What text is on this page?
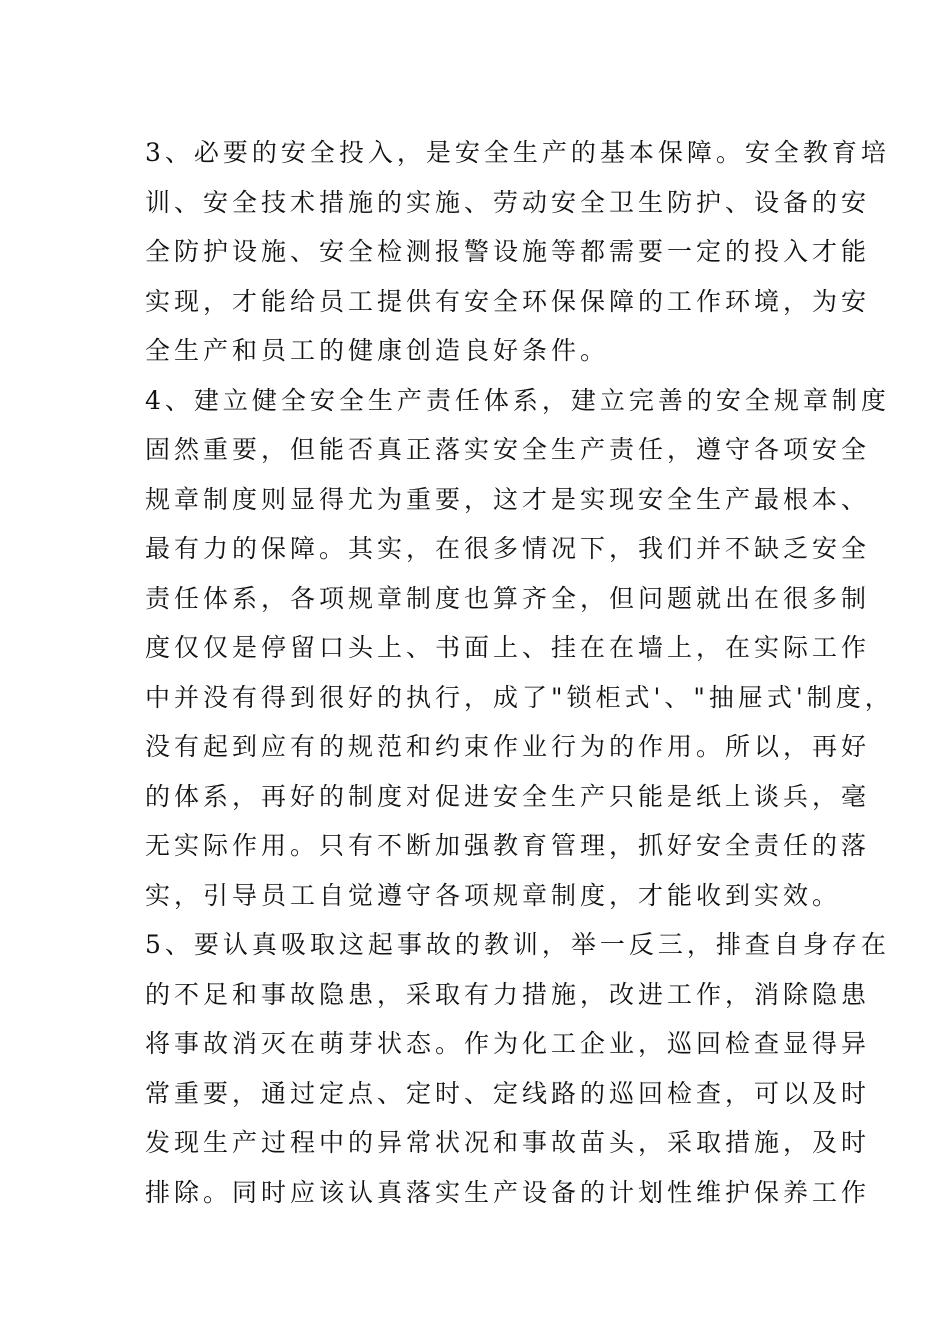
3、必要的安全投入，是安全生产的基本保障。安全教育培
训、安全技术措施的实施、劳动安全卫生防护、设备的安
全防护设施、安全检测报警设施等都需要一定的投入才能
实现，才能给员工提供有安全环保保障的工作环境，为安
全生产和员工的健康创造良好条件。
4、建立健全安全生产责任体系，建立完善的安全规章制度
固然重要，但能否真正落实安全生产责任，遵守各项安全
规章制度则显得尤为重要，这才是实现安全生产最根本、
最有力的保障。其实，在很多情况下，我们并不缺乏安全
责任体系，各项规章制度也算齐全，但问题就出在很多制
度仅仅是停留口头上、书面上、挂在在墙上，在实际工作
中并没有得到很好的执行，成了"锁柜式'、"抽屉式'制度，
没有起到应有的规范和约束作业行为的作用。所以，再好
的体系，再好的制度对促进安全生产只能是纸上谈兵，毫
无实际作用。只有不断加强教育管理，抓好安全责任的落
实，引导员工自觉遵守各项规章制度，才能收到实效。
5、要认真吸取这起事故的教训，举一反三，排查自身存在
的不足和事故隐患，采取有力措施，改进工作，消除隐患
将事故消灭在萌芽状态。作为化工企业，巡回检查显得异
常重要，通过定点、定时、定线路的巡回检查，可以及时
发现生产过程中的异常状况和事故苗头，采取措施，及时
排除。同时应该认真落实生产设备的计划性维护保养工作
